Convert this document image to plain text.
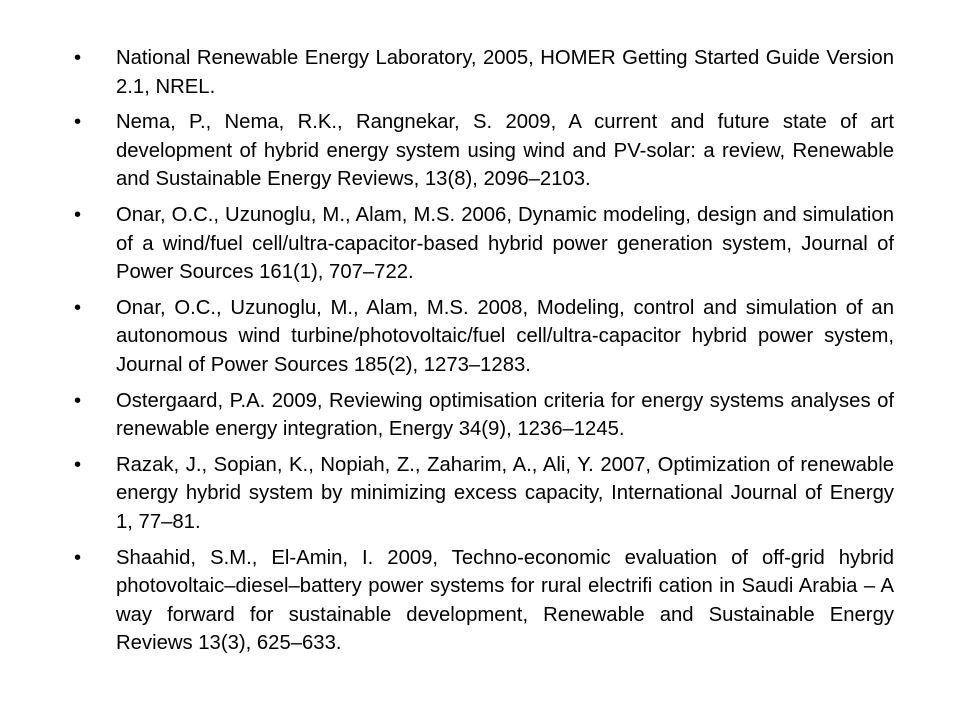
•	National Renewable Energy Laboratory, 2005, HOMER Getting Started Guide Version 2.1, NREL.
•	Nema, P., Nema, R.K., Rangnekar, S. 2009, A current and future state of art development of hybrid energy system using wind and PV-solar: a review, Renewable and Sustainable Energy Reviews, 13(8), 2096–2103.
•	Onar, O.C., Uzunoglu, M., Alam, M.S. 2006, Dynamic modeling, design and simulation of a wind/fuel cell/ultra-capacitor-based hybrid power generation system, Journal of Power Sources 161(1), 707–722.
•	Onar, O.C., Uzunoglu, M., Alam, M.S. 2008, Modeling, control and simulation of an autonomous wind turbine/photovoltaic/fuel cell/ultra-capacitor hybrid power system, Journal of Power Sources 185(2), 1273–1283.
•	Ostergaard, P.A. 2009, Reviewing optimisation criteria for energy systems analyses of renewable energy integration, Energy 34(9), 1236–1245.
•	Razak, J., Sopian, K., Nopiah, Z., Zaharim, A., Ali, Y. 2007, Optimization of renewable energy hybrid system by minimizing excess capacity, International Journal of Energy 1, 77–81.
•	Shaahid, S.M., El-Amin, I. 2009, Techno-economic evaluation of off-grid hybrid photovoltaic–diesel–battery power systems for rural electrifi cation in Saudi Arabia – A way forward for sustainable development, Renewable and Sustainable Energy Reviews 13(3), 625–633.
